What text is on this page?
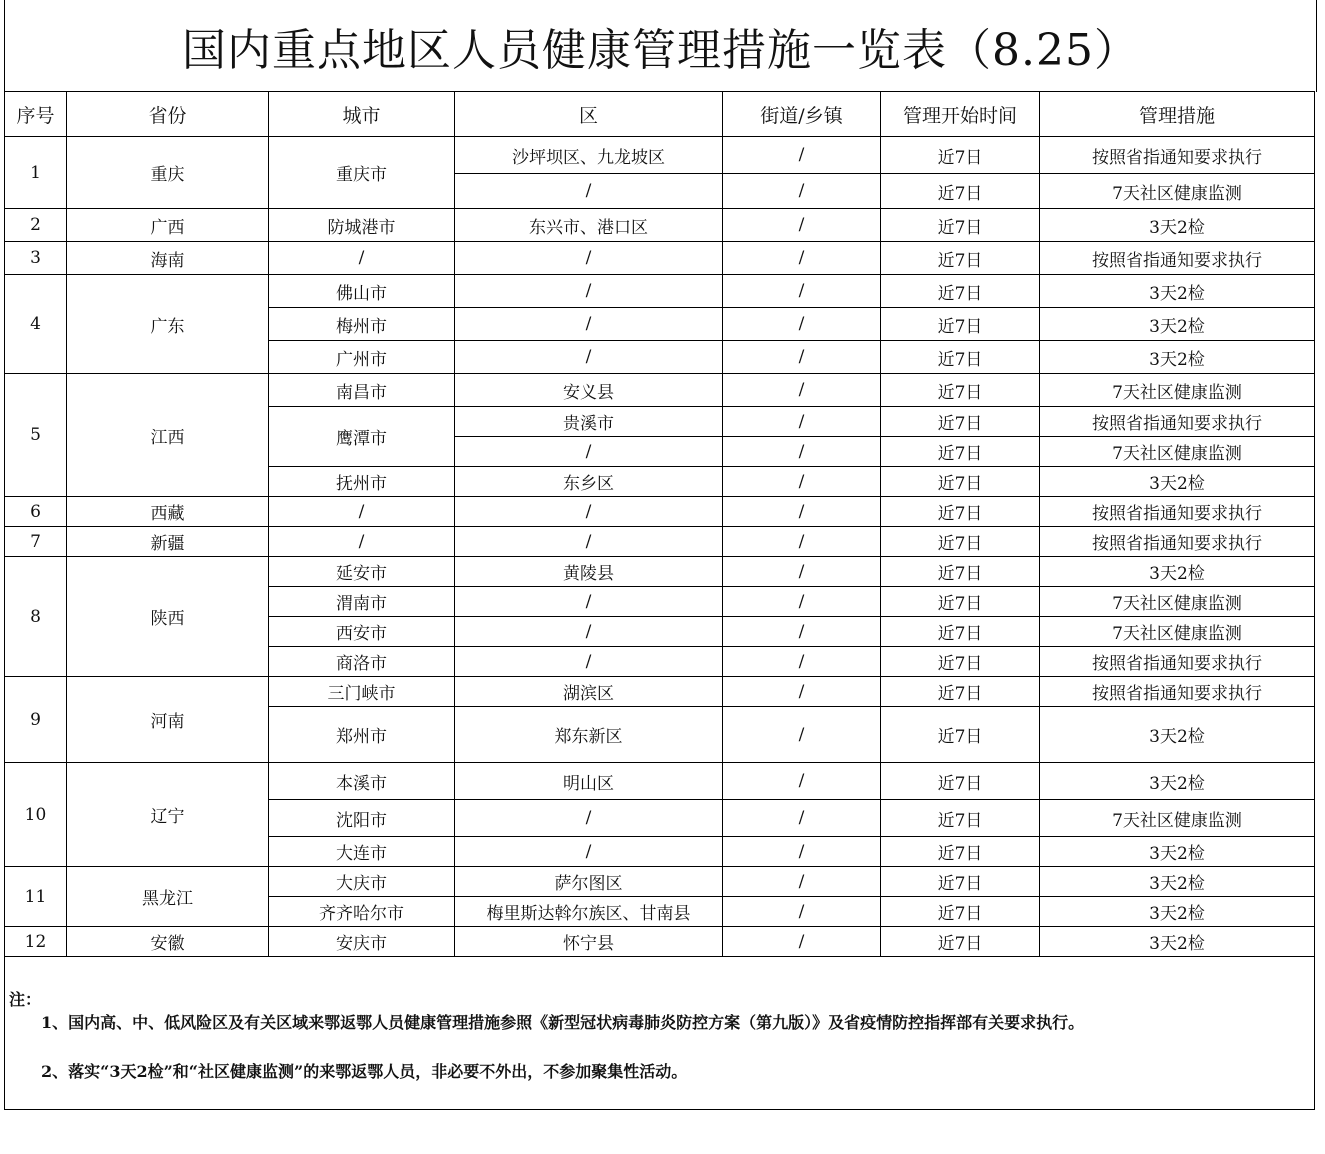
国内重点地区人员健康管理措施一览表（8.25）
序号	省份	城市	区	街道/乡镇	管理开始时间	管理措施
1	重庆	重庆市	沙坪坝区、九龙坡区	/	近7日	按照省指通知要求执行
			/	/	近7日	7天社区健康监测
2	广西	防城港市	东兴市、港口区	/	近7日	3天2检
3	海南	/	/	/	近7日	按照省指通知要求执行
4	广东	佛山市	/	/	近7日	3天2检
		梅州市	/	/	近7日	3天2检
		广州市	/	/	近7日	3天2检
5	江西	南昌市	安义县	/	近7日	7天社区健康监测
		鹰潭市	贵溪市	/	近7日	按照省指通知要求执行
			/	/	近7日	7天社区健康监测
		抚州市	东乡区	/	近7日	3天2检
6	西藏	/	/	/	近7日	按照省指通知要求执行
7	新疆	/	/	/	近7日	按照省指通知要求执行
8	陕西	延安市	黄陵县	/	近7日	3天2检
		渭南市	/	/	近7日	7天社区健康监测
		西安市	/	/	近7日	7天社区健康监测
		商洛市	/	/	近7日	按照省指通知要求执行
9	河南	三门峡市	湖滨区	/	近7日	按照省指通知要求执行
		郑州市	郑东新区	/	近7日	3天2检
10	辽宁	本溪市	明山区	/	近7日	3天2检
		沈阳市	/	/	近7日	7天社区健康监测
		大连市	/	/	近7日	3天2检
11	黑龙江	大庆市	萨尔图区	/	近7日	3天2检
		齐齐哈尔市	梅里斯达斡尔族区、甘南县	/	近7日	3天2检
12	安徽	安庆市	怀宁县	/	近7日	3天2检
注：
1、国内高、中、低风险区及有关区域来鄂返鄂人员健康管理措施参照《新型冠状病毒肺炎防控方案（第九版）》及省疫情防控指挥部有关要求执行。
2、落实“3天2检”和“社区健康监测”的来鄂返鄂人员，非必要不外出，不参加聚集性活动。
